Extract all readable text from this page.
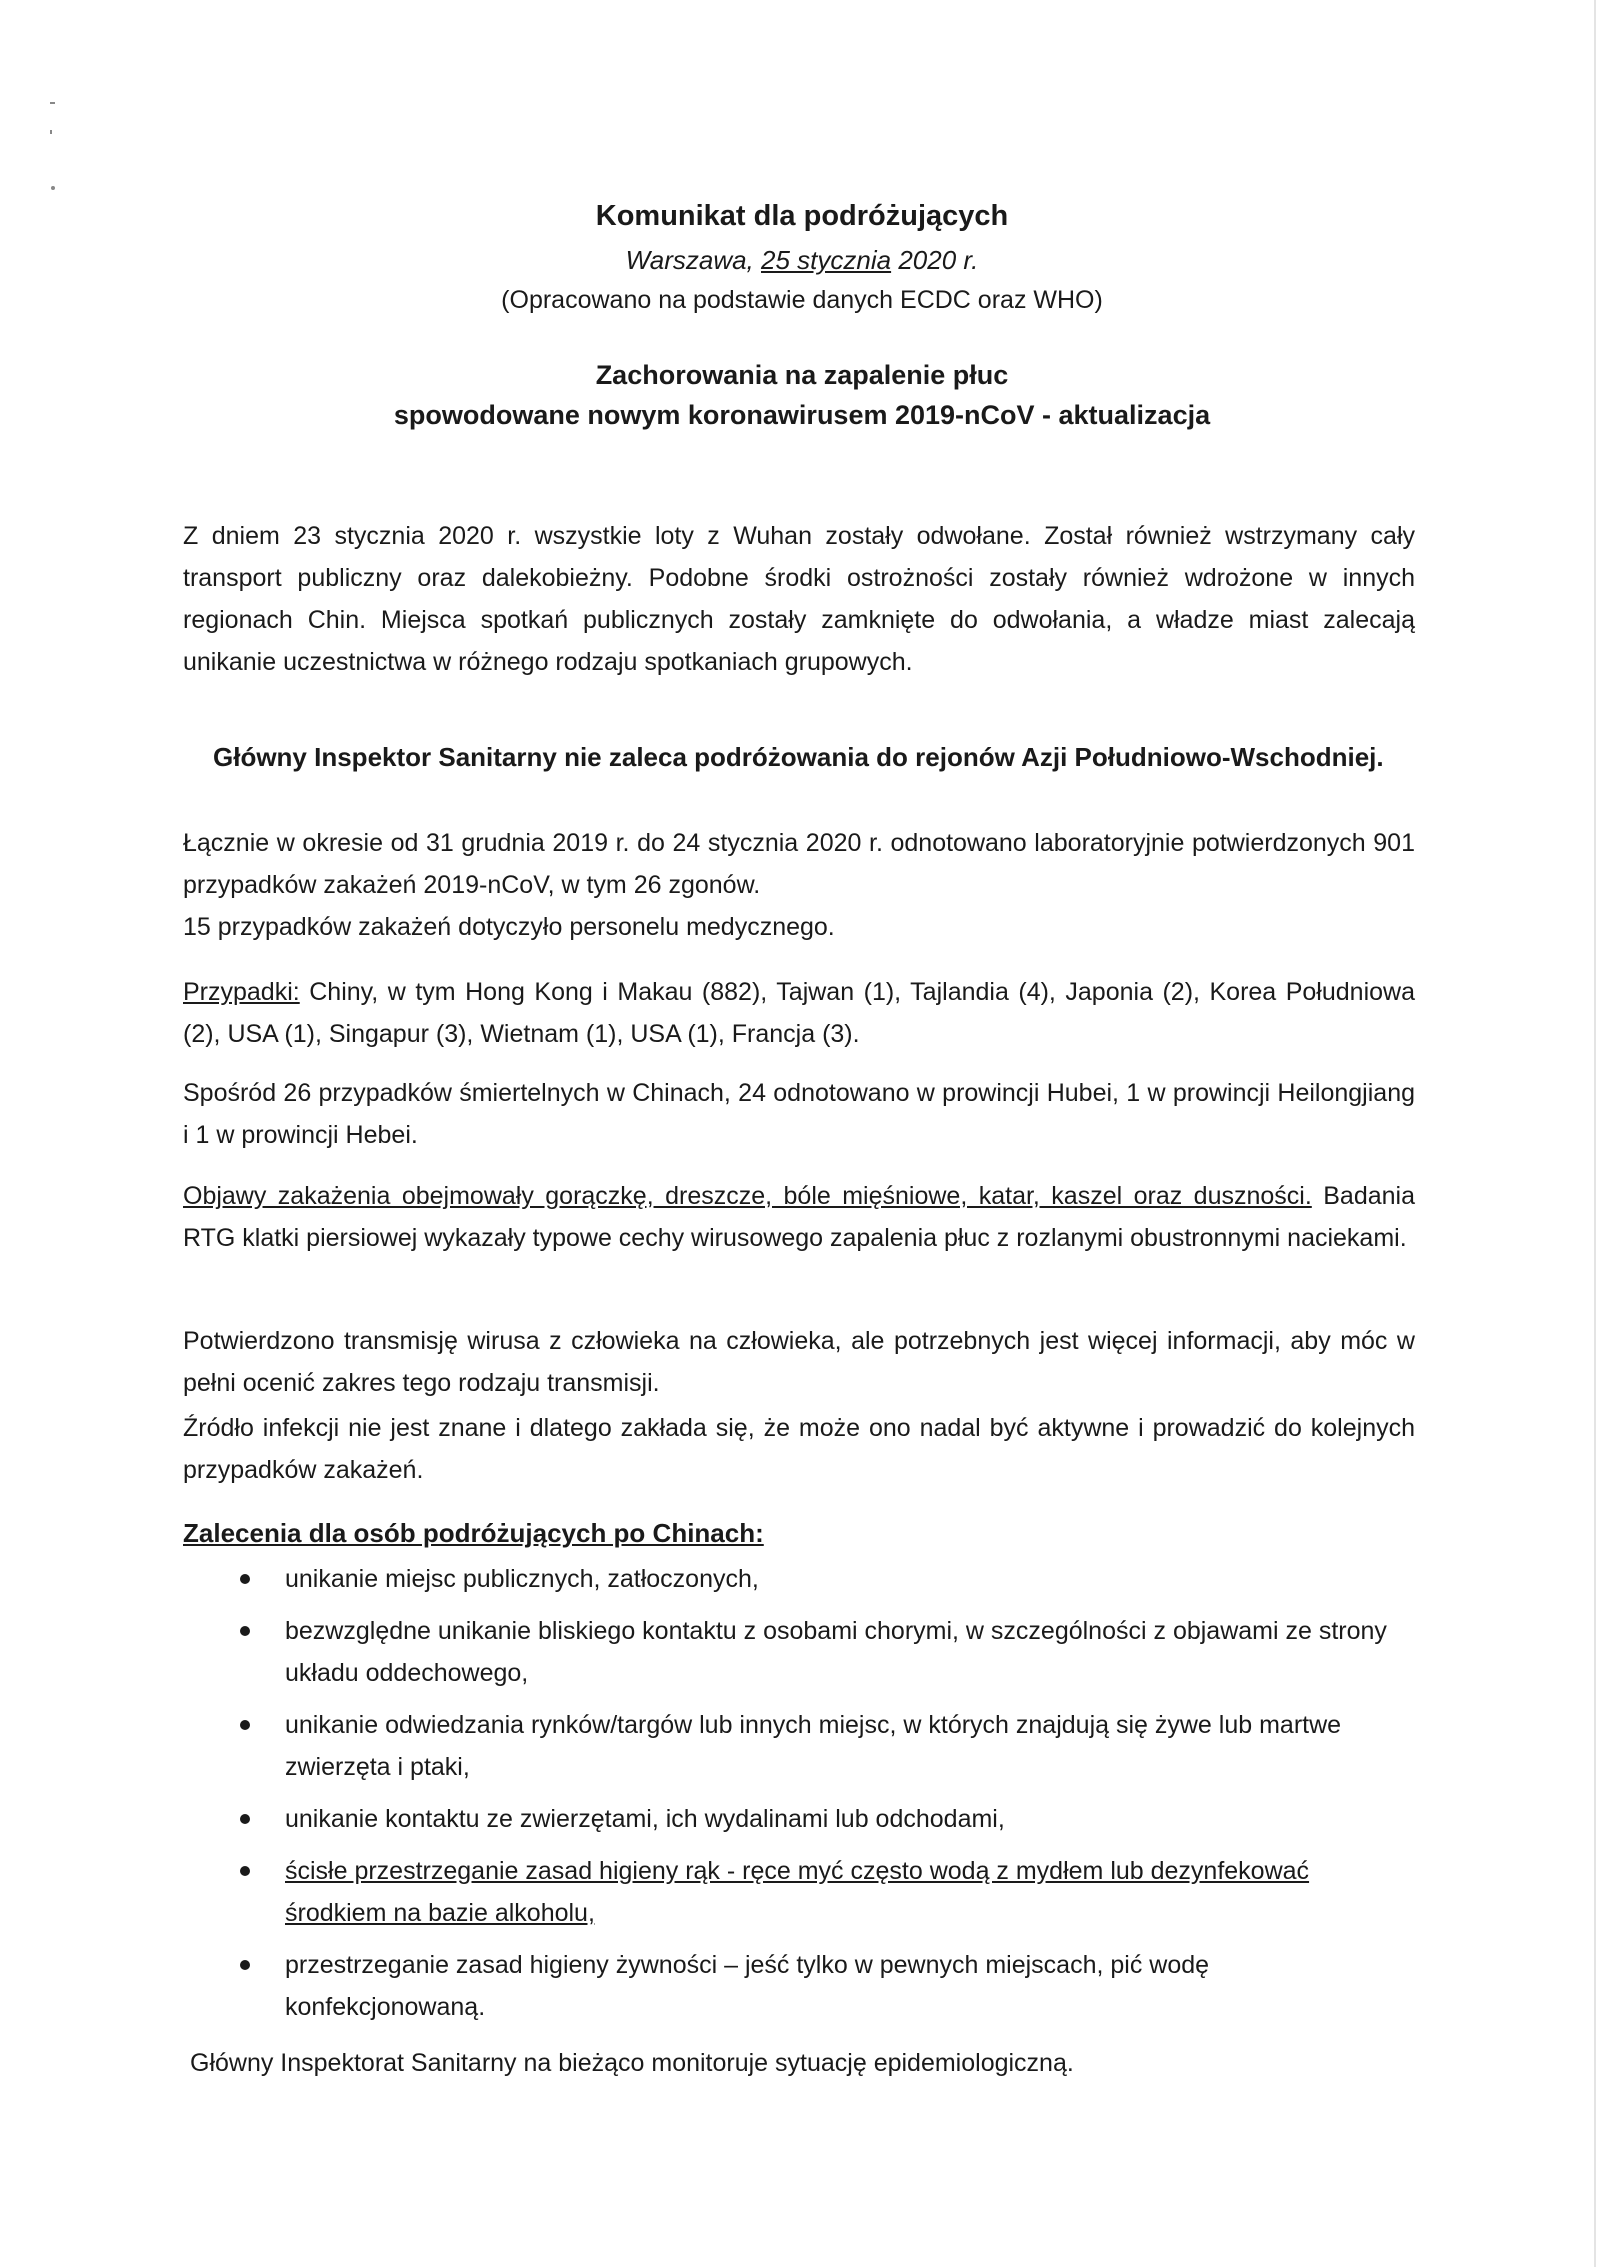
Komunikat dla podróżujących
Warszawa, 25 stycznia 2020 r.
(Opracowano na podstawie danych ECDC oraz WHO)
Zachorowania na zapalenie płuc
spowodowane nowym koronawirusem 2019-nCoV - aktualizacja
Z dniem 23 stycznia 2020 r. wszystkie loty z Wuhan zostały odwołane. Został również wstrzymany cały transport publiczny oraz dalekobieżny. Podobne środki ostrożności zostały również wdrożone w innych regionach Chin. Miejsca spotkań publicznych zostały zamknięte do odwołania, a władze miast zalecają unikanie uczestnictwa w różnego rodzaju spotkaniach grupowych.
Główny Inspektor Sanitarny nie zaleca podróżowania do rejonów Azji Południowo-Wschodniej.
Łącznie w okresie od 31 grudnia 2019 r. do 24 stycznia 2020 r. odnotowano laboratoryjnie potwierdzonych 901 przypadków zakażeń 2019-nCoV, w tym 26 zgonów.
15 przypadków zakażeń dotyczyło personelu medycznego.
Przypadki: Chiny, w tym Hong Kong i Makau (882), Tajwan (1), Tajlandia (4), Japonia (2), Korea Południowa (2), USA (1), Singapur (3), Wietnam (1), USA (1), Francja (3).
Spośród 26 przypadków śmiertelnych w Chinach, 24 odnotowano w prowincji Hubei, 1 w prowincji Heilongjiang i 1 w prowincji Hebei.
Objawy zakażenia obejmowały gorączkę, dreszcze, bóle mięśniowe, katar, kaszel oraz duszności. Badania RTG klatki piersiowej wykazały typowe cechy wirusowego zapalenia płuc z rozlanymi obustronnymi naciekami.
Potwierdzono transmisję wirusa z człowieka na człowieka, ale potrzebnych jest więcej informacji, aby móc w pełni ocenić zakres tego rodzaju transmisji.
Źródło infekcji nie jest znane i dlatego zakłada się, że może ono nadal być aktywne i prowadzić do kolejnych przypadków zakażeń.
Zalecenia dla osób podróżujących po Chinach:
unikanie miejsc publicznych, zatłoczonych,
bezwzględne unikanie bliskiego kontaktu z osobami chorymi, w szczególności z objawami ze strony układu oddechowego,
unikanie odwiedzania rynków/targów lub innych miejsc, w których znajdują się żywe lub martwe zwierzęta i ptaki,
unikanie kontaktu ze zwierzętami, ich wydalinami lub odchodami,
ścisłe przestrzeganie zasad higieny rąk - ręce myć często wodą z mydłem lub dezynfekować środkiem na bazie alkoholu,
przestrzeganie zasad higieny żywności – jeść tylko w pewnych miejscach, pić wodę konfekcjonowaną.
Główny Inspektorat Sanitarny na bieżąco monitoruje sytuację epidemiologiczną.
